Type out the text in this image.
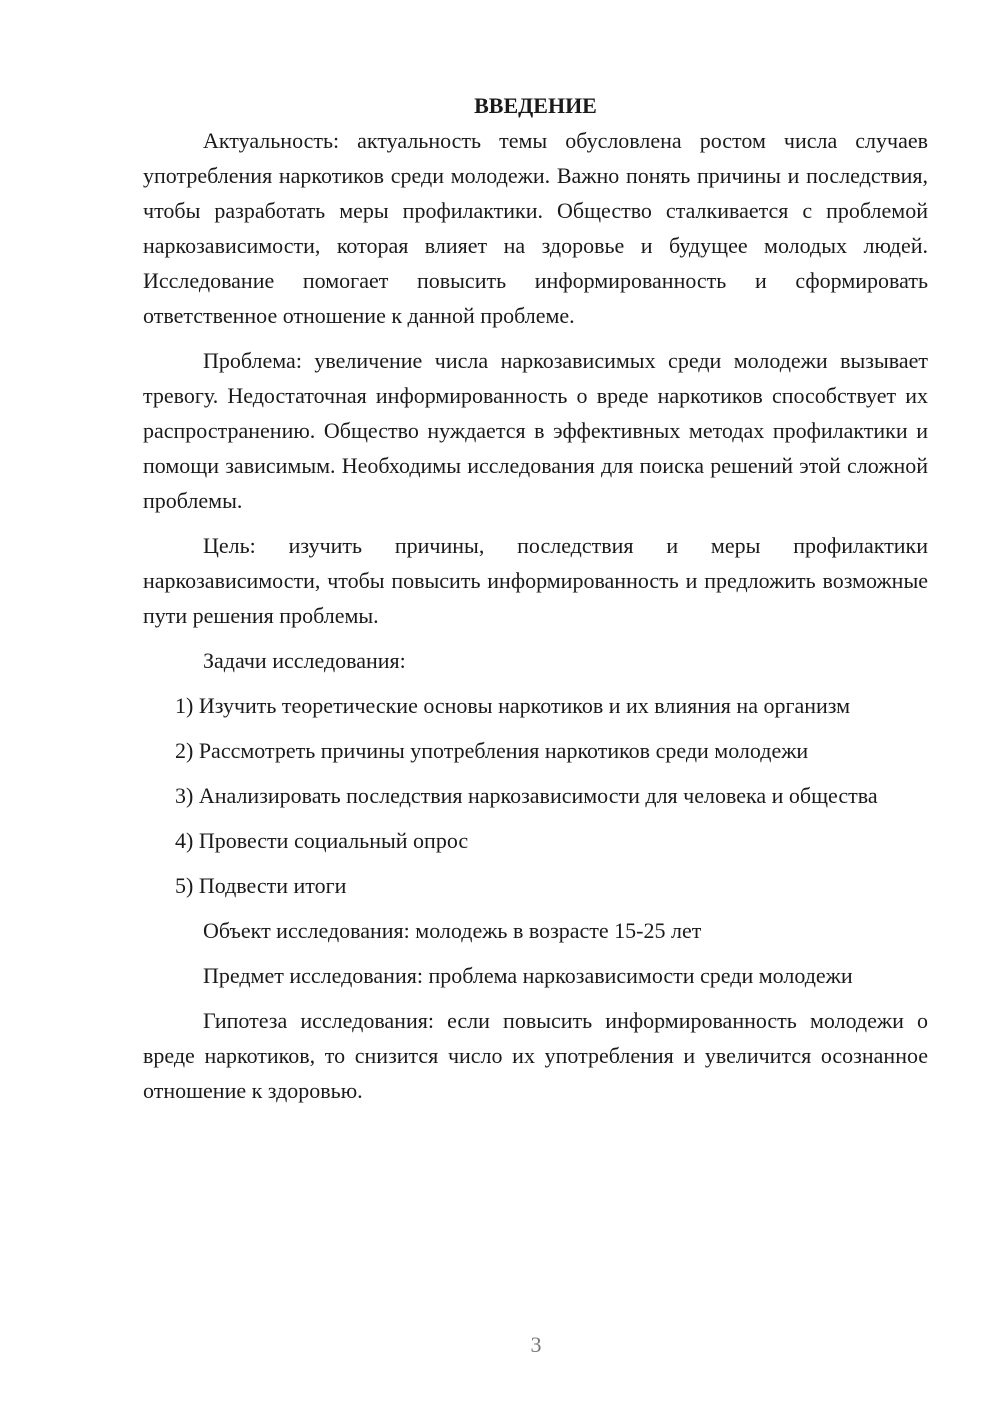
ВВЕДЕНИЕ

Актуальность: актуальность темы обусловлена ростом числа случаев употребления наркотиков среди молодежи. Важно понять причины и последствия, чтобы разработать меры профилактики. Общество сталкивается с проблемой наркозависимости, которая влияет на здоровье и будущее молодых людей. Исследование помогает повысить информированность и сформировать ответственное отношение к данной проблеме.

Проблема: увеличение числа наркозависимых среди молодежи вызывает тревогу. Недостаточная информированность о вреде наркотиков способствует их распространению. Общество нуждается в эффективных методах профилактики и помощи зависимым. Необходимы исследования для поиска решений этой сложной проблемы.

Цель: изучить причины, последствия и меры профилактики наркозависимости, чтобы повысить информированность и предложить возможные пути решения проблемы.

Задачи исследования:

1) Изучить теоретические основы наркотиков и их влияния на организм

2) Рассмотреть причины употребления наркотиков среди молодежи

3) Анализировать последствия наркозависимости для человека и общества

4) Провести социальный опрос

5) Подвести итоги

Объект исследования: молодежь в возрасте 15-25 лет

Предмет исследования: проблема наркозависимости среди молодежи

Гипотеза исследования: если повысить информированность молодежи о вреде наркотиков, то снизится число их употребления и увеличится осознанное отношение к здоровью.

3
